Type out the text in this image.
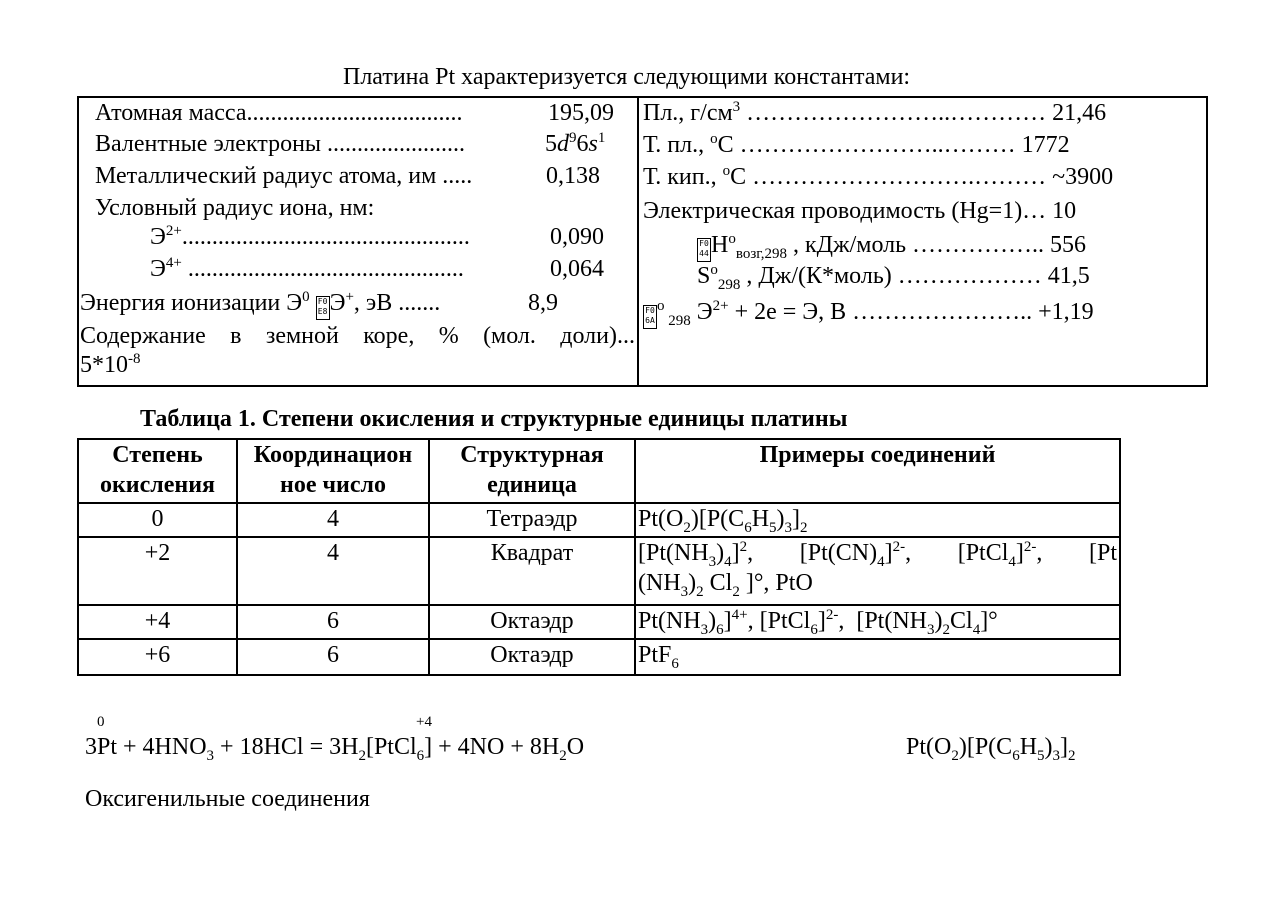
Платина Pt характеризуется следующими константами:
Атомная масса....................................	195,09
Валентные электроны .......................	$5d^96s^1$
Металлический радиус атома, им .....	0,138
Условный радиус иона, нм:
$Э^{2+}$................................................	0,090
$Э^{4+}$ ..............................................	0,064
Энергия ионизации $Э^0$ F0 E8Э+, эВ .......	8,9
Содержание в земной коре, % (мол. доли)...
$5*10^{-8}$
Пл., $г/см^3$ ……………………..………… 21,46
Т. пл., $^o$С ……………………..……… 1772
Т. кип., $^o$С ……………………….……… ~3900
Электрическая проводимость (Hg=1)… 10
F0 $44H^o_{возг,298}$ , кДж/моль …………….. 556
$S^o_{298}$ , Дж/(К*моль) ……………… 41,5
F0 $6A^o$ $_{298}$ $Э^{2+} + 2е = Э$, В ………………….. +1,19
Таблица 1. Степени окисления и структурные единицы платины
Степень окисления	Координацион ное число	Структурная единица	Примеры соединений
0	4	Тетраэдр	$Pt(O_2)[P(C_6H_5)_3]_2$
+2	4	Квадрат	$[Pt(NH_3)_4]^2$, $[Pt(CN)_4]^{2-}$, [PtCl$_4$]$^{2-}$, [Pt
$(NH_3)_2$ $Cl_2$ ]°, PtO

+4	6	Октаэдр	$Pt(NH_3)_6]^{4+}$, [PtCl$_6$]$^{2-}$,  $[Pt(NH_3)_2Cl_4]^\circ$
+6	6	Октаэдр	PtF$_6$
0	+4
$3Pt + 4HNO_3 + 18HCl$ = $3H_2[PtCl_6] + 4NO + 8H_2O$	$Pt(O_2)[P(C_6H_5)_3]_2$
Оксигенильные соединения
